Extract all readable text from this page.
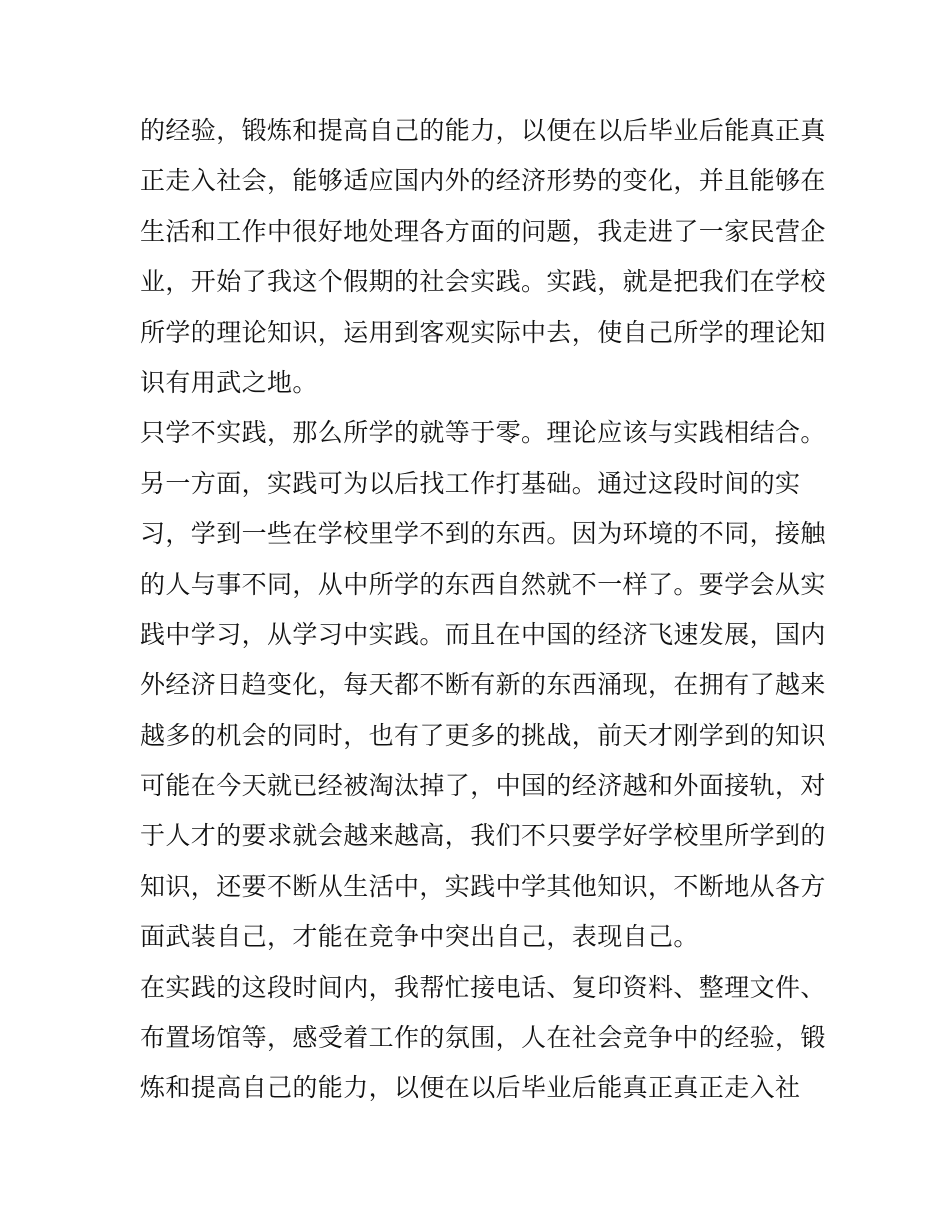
的经验，锻炼和提高自己的能力，以便在以后毕业后能真正真
正走入社会，能够适应国内外的经济形势的变化，并且能够在
生活和工作中很好地处理各方面的问题，我走进了一家民营企
业，开始了我这个假期的社会实践。实践，就是把我们在学校
所学的理论知识，运用到客观实际中去，使自己所学的理论知
识有用武之地。
只学不实践，那么所学的就等于零。理论应该与实践相结合。
另一方面，实践可为以后找工作打基础。通过这段时间的实
习，学到一些在学校里学不到的东西。因为环境的不同，接触
的人与事不同，从中所学的东西自然就不一样了。要学会从实
践中学习，从学习中实践。而且在中国的经济飞速发展，国内
外经济日趋变化，每天都不断有新的东西涌现，在拥有了越来
越多的机会的同时，也有了更多的挑战，前天才刚学到的知识
可能在今天就已经被淘汰掉了，中国的经济越和外面接轨，对
于人才的要求就会越来越高，我们不只要学好学校里所学到的
知识，还要不断从生活中，实践中学其他知识，不断地从各方
面武装自己，才能在竞争中突出自己，表现自己。
在实践的这段时间内，我帮忙接电话、复印资料、整理文件、
布置场馆等，感受着工作的氛围，人在社会竞争中的经验，锻
炼和提高自己的能力，以便在以后毕业后能真正真正走入社
